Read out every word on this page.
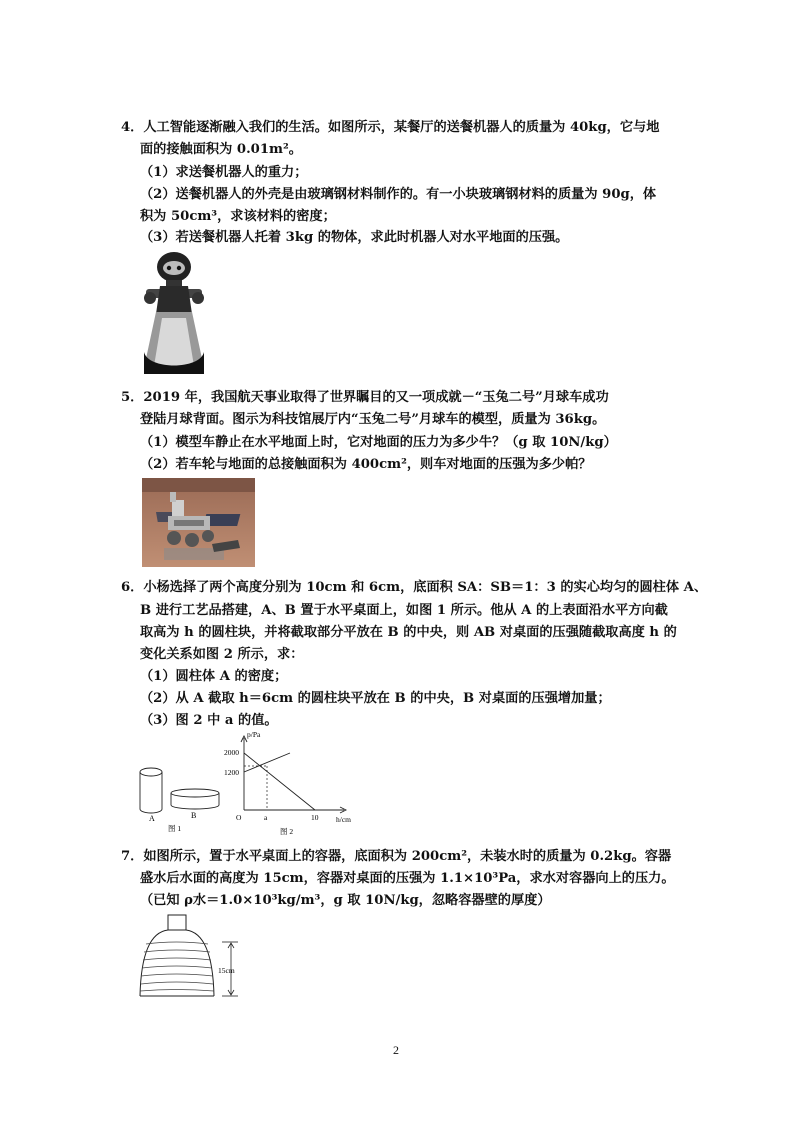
4．人工智能逐渐融入我们的生活。如图所示，某餐厅的送餐机器人的质量为 40kg，它与地
面的接触面积为 0.01m²。
（1）求送餐机器人的重力；
（2）送餐机器人的外壳是由玻璃钢材料制作的。有一小块玻璃钢材料的质量为 90g，体
积为 50cm³，求该材料的密度；
（3）若送餐机器人托着 3kg 的物体，求此时机器人对水平地面的压强。
5．2019 年，我国航天事业取得了世界瞩目的又一项成就－“玉兔二号”月球车成功
登陆月球背面。图示为科技馆展厅内“玉兔二号”月球车的模型，质量为 36kg。
（1）模型车静止在水平地面上时，它对地面的压力为多少牛？（g 取 10N/kg）
（2）若车轮与地面的总接触面积为 400cm²，则车对地面的压强为多少帕？
6．小杨选择了两个高度分别为 10cm 和 6cm，底面积 SA：SB＝1：3 的实心均匀的圆柱体 A、
B 进行工艺品搭建，A、B 置于水平桌面上，如图 1 所示。他从 A 的上表面沿水平方向截
取高为 h 的圆柱块，并将截取部分平放在 B 的中央，则 AB 对桌面的压强随截取高度 h 的
变化关系如图 2 所示，求：
（1）圆柱体 A 的密度；
（2）从 A 截取 h＝6cm 的圆柱块平放在 B 的中央，B 对桌面的压强增加量；
（3）图 2 中 a 的值。
A	B
图 1
p/Pa
2000
1200
O	a	10 h/cm
图 2
7．如图所示，置于水平桌面上的容器，底面积为 200cm²，未装水时的质量为 0.2kg。容器
盛水后水面的高度为 15cm，容器对桌面的压强为 1.1×10³Pa，求水对容器向上的压力。
（已知 ρ水＝1.0×10³kg/m³，g 取 10N/kg，忽略容器壁的厚度）
15cm
2
